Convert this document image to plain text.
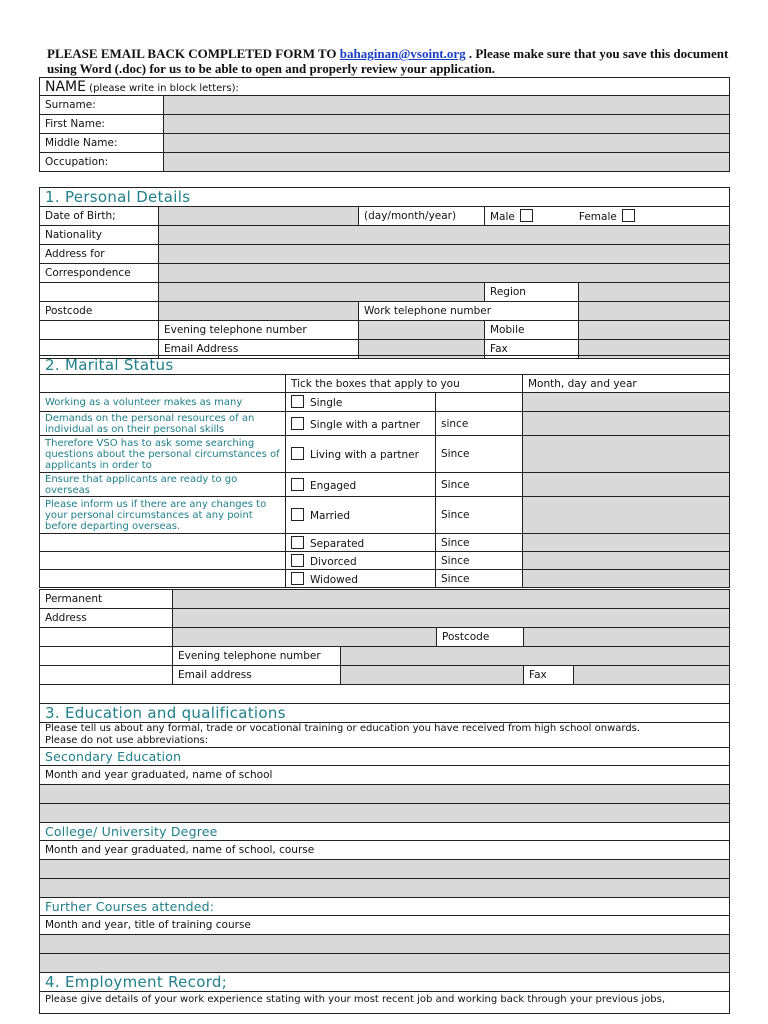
PLEASE EMAIL BACK COMPLETED FORM TO bahaginan@vsoint.org . Please make sure that you save this document using Word (.doc) for us to be able to open and properly review your application.
NAME (please write in block letters):	
Surname:	
First Name:	
Middle Name:	
Occupation:	
1. Personal Details				
Date of Birth;		(day/month/year)	Male Female	
Nationality				
Address for				
Correspondence				
			Region	
Postcode		Work telephone number		
	Evening telephone number		Mobile	
	Email Address		Fax	
2. Marital Status			
	Tick the boxes that apply to you		Month, day and year
Working as a volunteer makes as many	Single		
Demands on the personal resources of an individual as on their personal skills	Single with a partner	since	
Therefore VSO has to ask some searching questions about the personal circumstances of applicants in order to	Living with a partner	Since	
Ensure that applicants are ready to go overseas	Engaged	Since	
Please inform us if there are any changes to your personal circumstances at any point before departing overseas.	Married	Since	
	Separated	Since	
	Divorced	Since	
	Widowed	Since	
Permanent					
Address					
			Postcode		
	Evening telephone number				
	Email address			Fax	

3. Education and qualifications
Please tell us about any formal, trade or vocational training or education you have received from high school onwards.
Please do not use abbreviations:
Secondary Education
Month and year graduated, name of school

College/ University Degree
Month and year graduated, name of school, course

Further Courses attended:
Month and year, title of training course

4. Employment Record;
Please give details of your work experience stating with your most recent job and working back through your previous jobs,
